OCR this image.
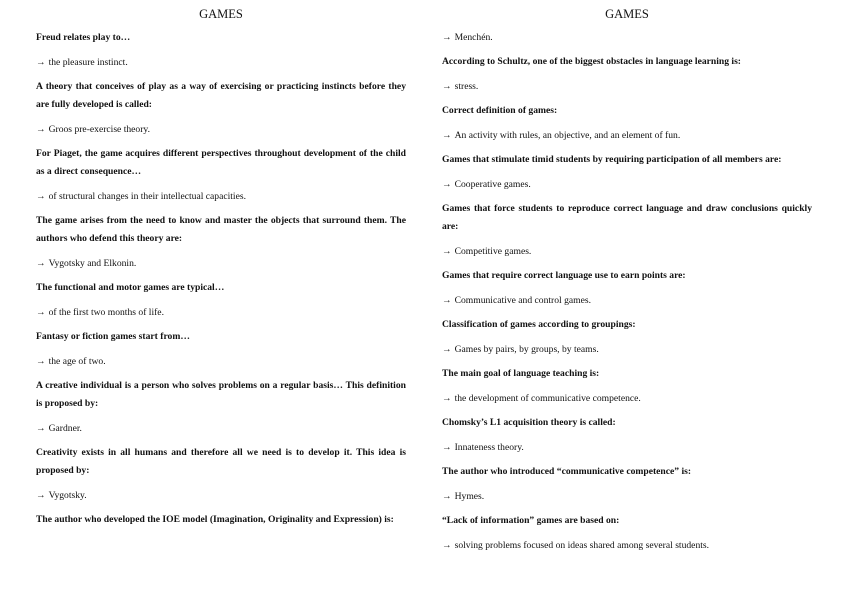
GAMES
Freud relates play to…
→ the pleasure instinct.
A theory that conceives of play as a way of exercising or practicing instincts before they are fully developed is called:
→ Groos pre-exercise theory.
For Piaget, the game acquires different perspectives throughout development of the child as a direct consequence…
→ of structural changes in their intellectual capacities.
The game arises from the need to know and master the objects that surround them. The authors who defend this theory are:
→ Vygotsky and Elkonin.
The functional and motor games are typical…
→ of the first two months of life.
Fantasy or fiction games start from…
→ the age of two.
A creative individual is a person who solves problems on a regular basis… This definition is proposed by:
→ Gardner.
Creativity exists in all humans and therefore all we need is to develop it. This idea is proposed by:
→ Vygotsky.
The author who developed the IOE model (Imagination, Originality and Expression) is:
GAMES
→ Menchén.
According to Schultz, one of the biggest obstacles in language learning is:
→ stress.
Correct definition of games:
→ An activity with rules, an objective, and an element of fun.
Games that stimulate timid students by requiring participation of all members are:
→ Cooperative games.
Games that force students to reproduce correct language and draw conclusions quickly are:
→ Competitive games.
Games that require correct language use to earn points are:
→ Communicative and control games.
Classification of games according to groupings:
→ Games by pairs, by groups, by teams.
The main goal of language teaching is:
→ the development of communicative competence.
Chomsky’s L1 acquisition theory is called:
→ Innateness theory.
The author who introduced “communicative competence” is:
→ Hymes.
“Lack of information” games are based on:
→ solving problems focused on ideas shared among several students.
